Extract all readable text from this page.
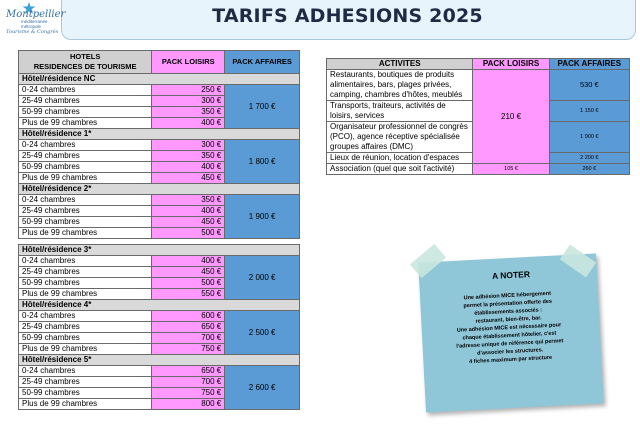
Montpellier
méditerranée métropole
Tourisme & Congrès
TARIFS ADHESIONS 2025
HOTELS
RESIDENCES DE TOURISME	PACK LOISIRS	PACK AFFAIRES
Hôtel/résidence NC		
0-24 chambres	250 €	1 700 €
25-49 chambres	300 €	
50-99 chambres	350 €	
Plus de 99 chambres	400 €	
Hôtel/résidence 1*		
0-24 chambres	300 €	1 800 €
25-49 chambres	350 €	
50-99 chambres	400 €	
Plus de 99 chambres	450 €	
Hôtel/résidence 2*		
0-24 chambres	350 €	1 900 €
25-49 chambres	400 €	
50-99 chambres	450 €	
Plus de 99 chambres	500 €	

Hôtel/résidence 3*		
0-24 chambres	400 €	2 000 €
25-49 chambres	450 €	
50-99 chambres	500 €	
Plus de 99 chambres	550 €	
Hôtel/résidence 4*		
0-24 chambres	600 €	2 500 €
25-49 chambres	650 €	
50-99 chambres	700 €	
Plus de 99 chambres	750 €	
Hôtel/résidence 5*		
0-24 chambres	650 €	2 600 €
25-49 chambres	700 €	
50-99 chambres	750 €	
Plus de 99 chambres	800 €	
ACTIVITES	PACK LOISIRS	PACK AFFAIRES
Restaurants, boutiques de produits alimentaires, bars, plages privées, camping, chambres d'hôtes, meublés	210 €	530 €
Transports, traiteurs, activités de loisirs, services		1 150 €
Organisateur professionnel de congrès (PCO), agence réceptive spécialisée groupes affaires (DMC)		1 900 €
Lieux de réunion, location d'espaces		2 200 €
Association (quel que soit l'activité)	105 €	260 €
A NOTER
Une adhésion MICE hébergement
permet la présentation offerte des
établissements associés :
restaurant, bien-être, bar.
Une adhésion MICE est nécessaire pour
chaque établissement hôtelier, c'est
l'adresse unique de référence qui permet
d'associer les structures.
4 fiches maximum par structure
